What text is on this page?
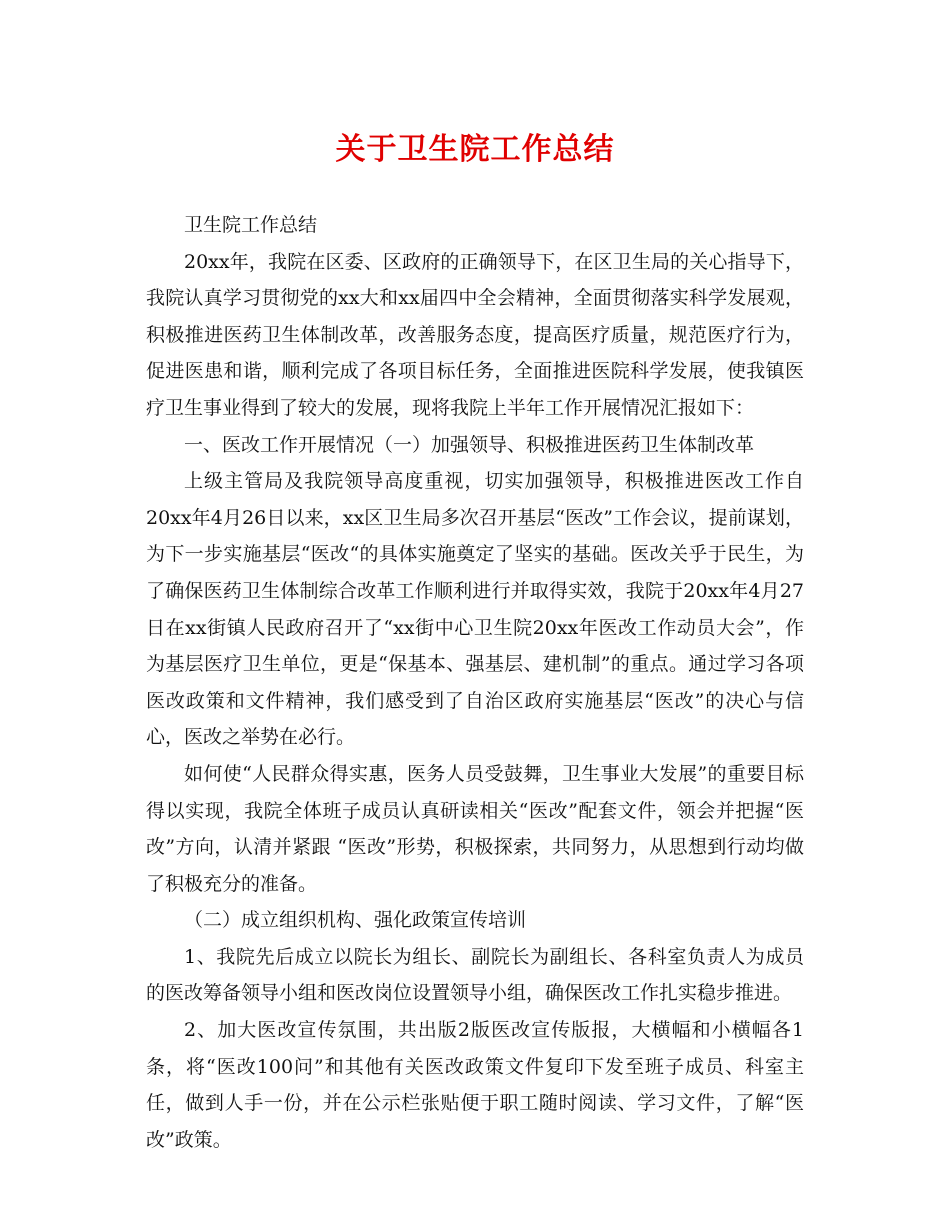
关于卫生院工作总结

卫生院工作总结

20xx年，我院在区委、区政府的正确领导下，在区卫生局的关心指导下， 我院认真学习贯彻党的xx大和xx届四中全会精神，全面贯彻落实科学发展观，积极推进医药卫生体制改革，改善服务态度，提高医疗质量，规范医疗行为，促进医患和谐，顺利完成了各项目标任务，全面推进医院科学发展，使我镇医疗卫生事业得到了较大的发展，现将我院上半年工作开展情况汇报如下：

一、医改工作开展情况（一）加强领导、积极推进医药卫生体制改革

上级主管局及我院领导高度重视，切实加强领导，积极推进医改工作自20xx年4月26日以来，xx区卫生局多次召开基层“医改”工作会议，提前谋划，为下一步实施基层“医改“的具体实施奠定了坚实的基础。医改关乎于民生，为了确保医药卫生体制综合改革工作顺利进行并取得实效，我院于20xx年4月27日在xx街镇人民政府召开了“xx街中心卫生院20xx年医改工作动员大会”，作为基层医疗卫生单位，更是“保基本、强基层、建机制”的重点。通过学习各项医改政策和文件精神，我们感受到了自治区政府实施基层“医改”的决心与信心，医改之举势在必行。

如何使“人民群众得实惠，医务人员受鼓舞，卫生事业大发展”的重要目标得以实现，我院全体班子成员认真研读相关“医改”配套文件，领会并把握“医改”方向，认清并紧跟 “医改”形势，积极探索，共同努力，从思想到行动均做了积极充分的准备。

（二）成立组织机构、强化政策宣传培训

1、我院先后成立以院长为组长、副院长为副组长、各科室负责人为成员的医改筹备领导小组和医改岗位设置领导小组，确保医改工作扎实稳步推进。

2、加大医改宣传氛围，共出版2版医改宣传版报，大横幅和小横幅各1条，将“医改100问”和其他有关医改政策文件复印下发至班子成员、科室主任，做到人手一份，并在公示栏张贴便于职工随时阅读、学习文件，了解“医改”政策。
